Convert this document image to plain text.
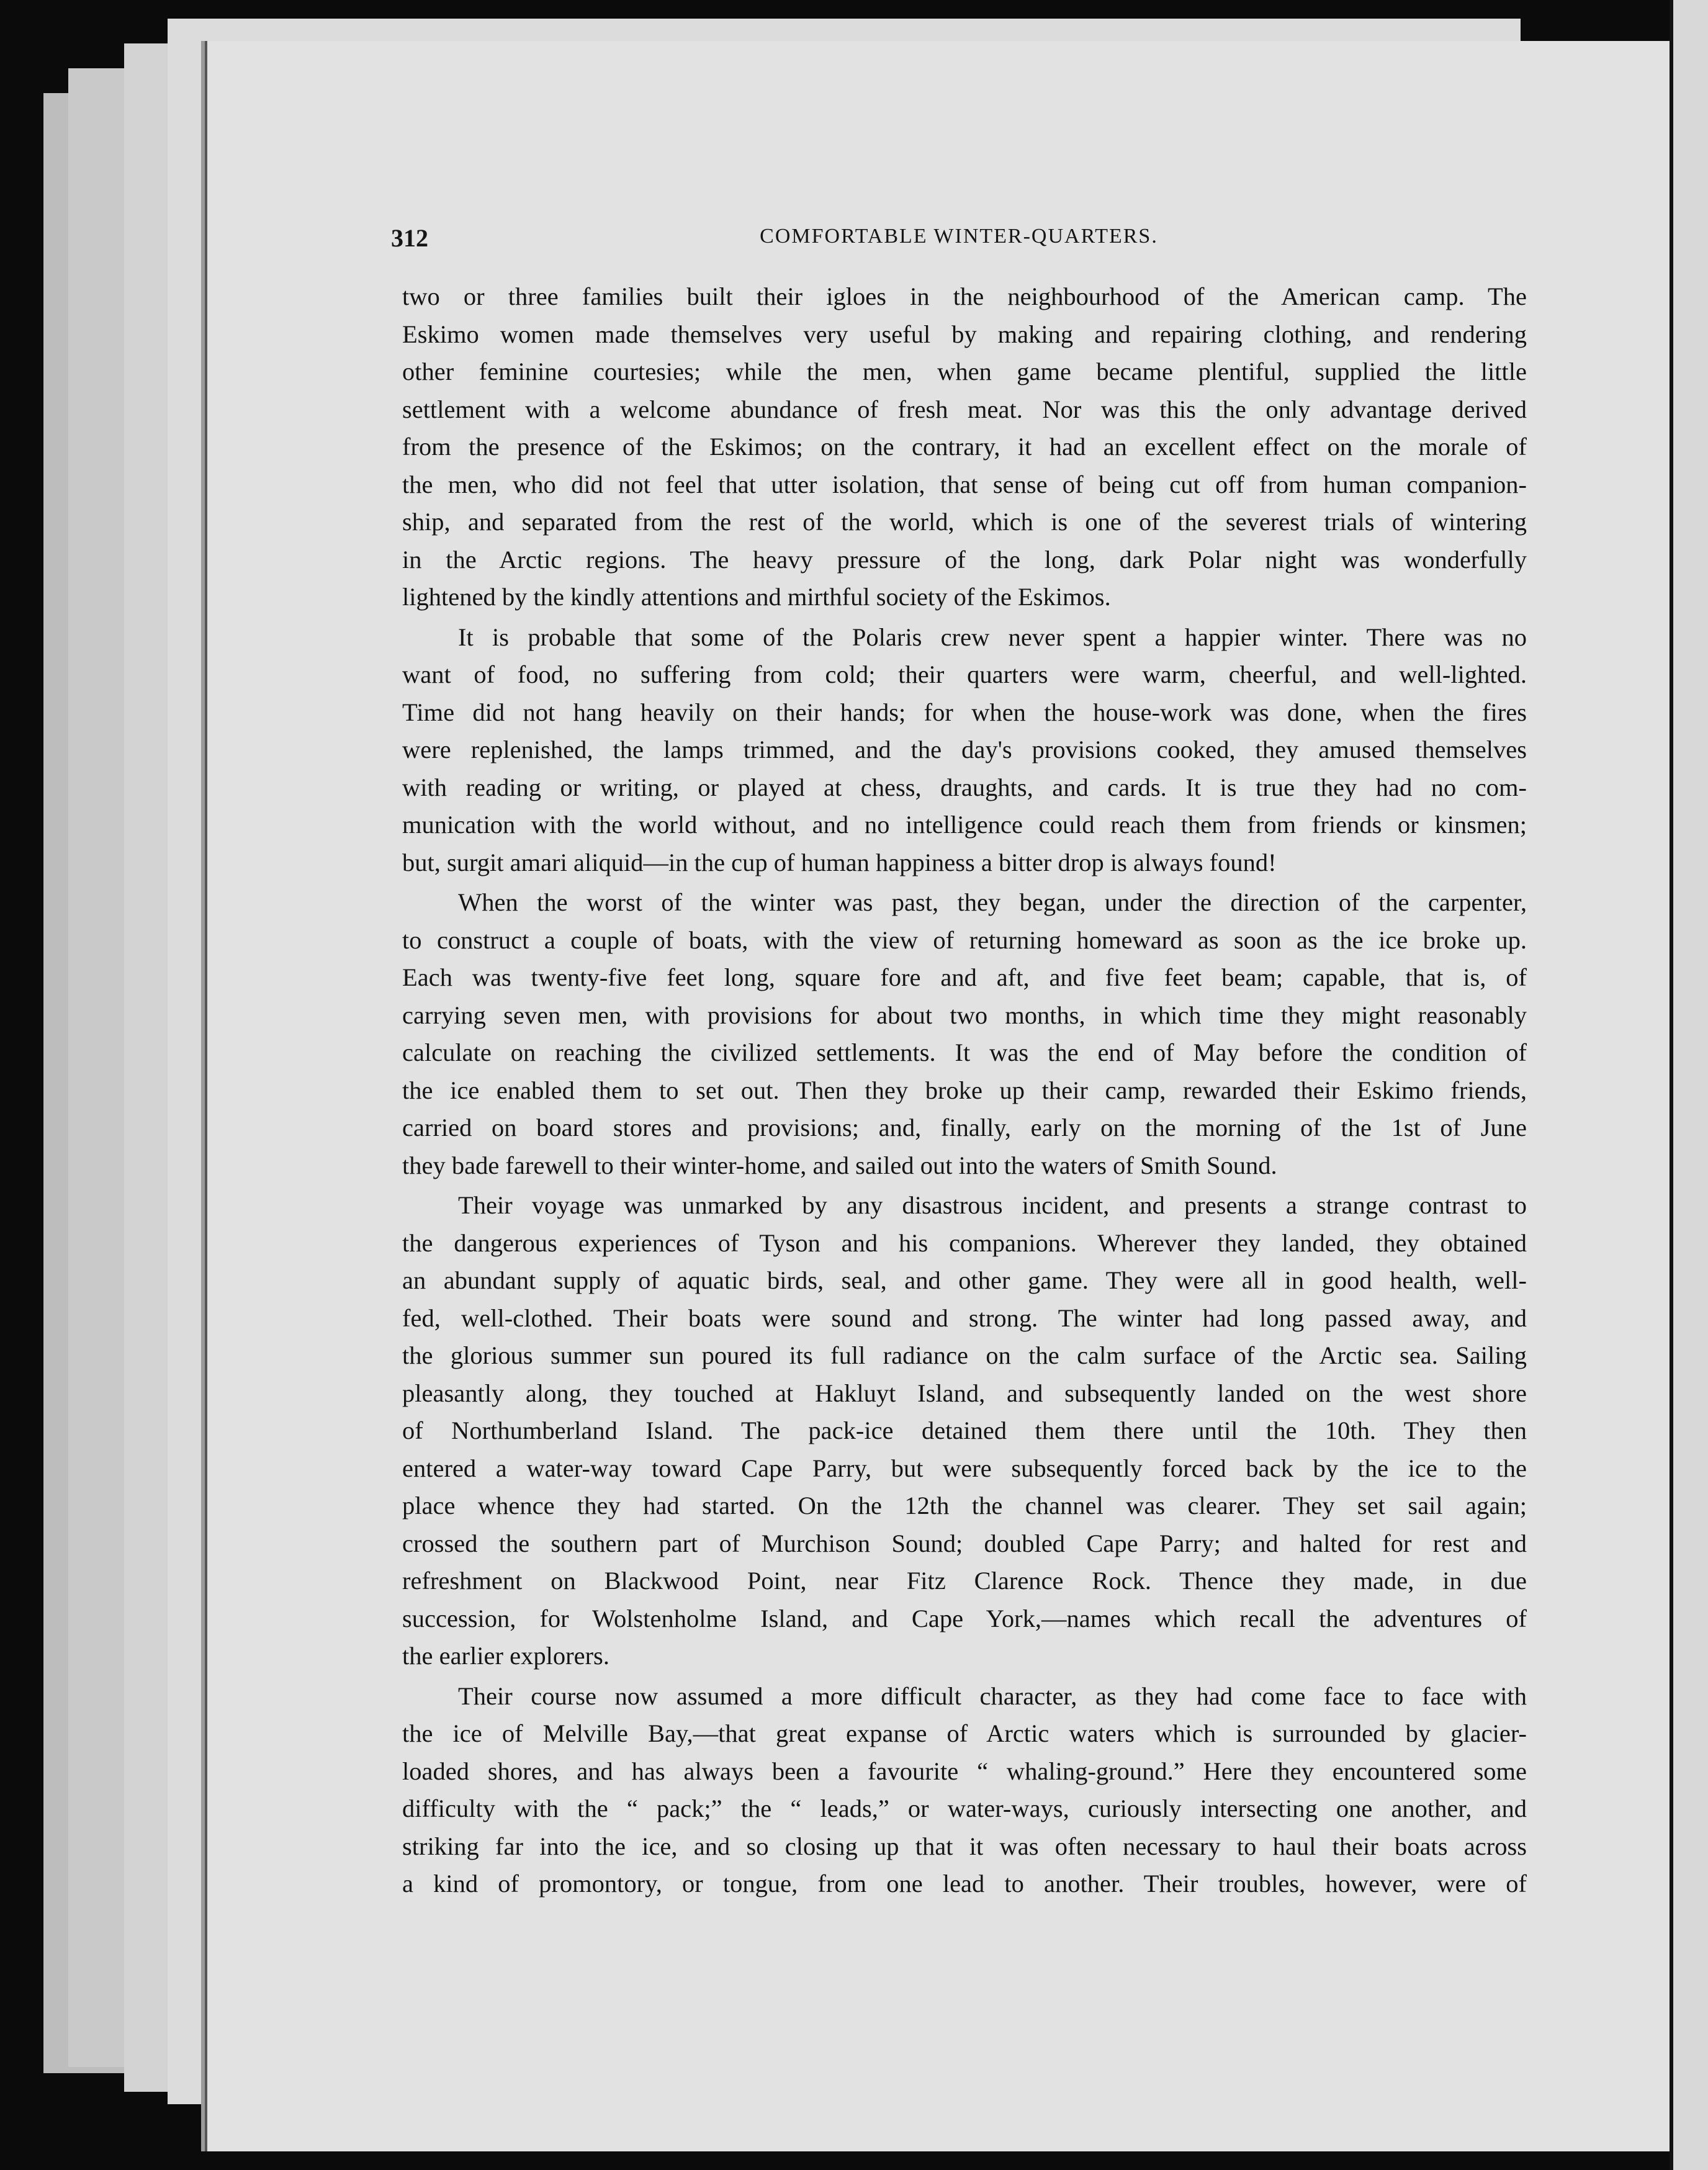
312	COMFORTABLE WINTER-QUARTERS.
two or three families built their igloes in the neighbourhood of the American camp. The
Eskimo women made themselves very useful by making and repairing clothing, and rendering
other feminine courtesies; while the men, when game became plentiful, supplied the little
settlement with a welcome abundance of fresh meat. Nor was this the only advantage derived
from the presence of the Eskimos; on the contrary, it had an excellent effect on the morale of
the men, who did not feel that utter isolation, that sense of being cut off from human companion-
ship, and separated from the rest of the world, which is one of the severest trials of wintering
in the Arctic regions. The heavy pressure of the long, dark Polar night was wonderfully
lightened by the kindly attentions and mirthful society of the Eskimos.
It is probable that some of the Polaris crew never spent a happier winter. There was no
want of food, no suffering from cold; their quarters were warm, cheerful, and well-lighted.
Time did not hang heavily on their hands; for when the house-work was done, when the fires
were replenished, the lamps trimmed, and the day's provisions cooked, they amused themselves
with reading or writing, or played at chess, draughts, and cards. It is true they had no com-
munication with the world without, and no intelligence could reach them from friends or kinsmen;
but, surgit amari aliquid—in the cup of human happiness a bitter drop is always found!
When the worst of the winter was past, they began, under the direction of the carpenter,
to construct a couple of boats, with the view of returning homeward as soon as the ice broke up.
Each was twenty-five feet long, square fore and aft, and five feet beam; capable, that is, of
carrying seven men, with provisions for about two months, in which time they might reasonably
calculate on reaching the civilized settlements. It was the end of May before the condition of
the ice enabled them to set out. Then they broke up their camp, rewarded their Eskimo friends,
carried on board stores and provisions; and, finally, early on the morning of the 1st of June
they bade farewell to their winter-home, and sailed out into the waters of Smith Sound.
Their voyage was unmarked by any disastrous incident, and presents a strange contrast to
the dangerous experiences of Tyson and his companions. Wherever they landed, they obtained
an abundant supply of aquatic birds, seal, and other game. They were all in good health, well-
fed, well-clothed. Their boats were sound and strong. The winter had long passed away, and
the glorious summer sun poured its full radiance on the calm surface of the Arctic sea. Sailing
pleasantly along, they touched at Hakluyt Island, and subsequently landed on the west shore
of Northumberland Island. The pack-ice detained them there until the 10th. They then
entered a water-way toward Cape Parry, but were subsequently forced back by the ice to the
place whence they had started. On the 12th the channel was clearer. They set sail again;
crossed the southern part of Murchison Sound; doubled Cape Parry; and halted for rest and
refreshment on Blackwood Point, near Fitz Clarence Rock. Thence they made, in due
succession, for Wolstenholme Island, and Cape York,—names which recall the adventures of
the earlier explorers.
Their course now assumed a more difficult character, as they had come face to face with
the ice of Melville Bay,—that great expanse of Arctic waters which is surrounded by glacier-
loaded shores, and has always been a favourite “ whaling-ground.” Here they encountered some
difficulty with the “ pack;” the “ leads,” or water-ways, curiously intersecting one another, and
striking far into the ice, and so closing up that it was often necessary to haul their boats across
a kind of promontory, or tongue, from one lead to another. Their troubles, however, were of
